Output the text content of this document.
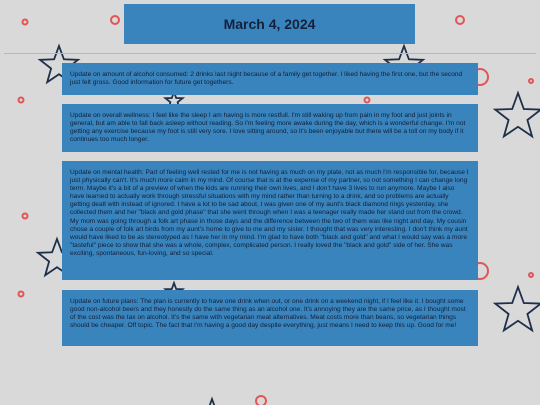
March 4, 2024
Update on amount of alcohol consumed: 2 drinks last night because of a family get together. I liked having the first one, but the second just felt gross. Good information for future get togethers.
Update on overall wellness: I feel like the sleep I am having is more restfull. I'm still waking up from pain in my foot and just joints in general, but am able to fall back asleep without reading. So I'm feeling more awake during the day, which is a wonderful change. I'm not getting any exercise because my foot is still very sore. I love sitting around, so it's been enjoyable but there will be a toll on my body if it continues too much longer.
Update on mental health: Part of feeling well rested for me is not having as much on my plate, not as much I'm responsible for, because I just physically can't. It's much more calm in my mind. Of course that is at the expense of my partner, so not something I can change long term. Maybe it's a bit of a preview of when the kids are running their own lives, and I don't have 3 lives to run anymore. Maybe I also have learned to actually work through stressful situations with my mind rather than turning to a drink, and so problems are actually getting dealt with instead of ignored. I have a lot to be sad about, I was given one of my aunt's black diamond rings yesterday, she collected them and her "black and gold phase" that she went through when I was a teenager really made her stand out from the crowd. My mom was going through a folk art phase in those days and the difference between the two of them was like night and day. My cousin chose a couple of folk art birds from my aunt's home to give to me and my sister. I thought that was very interesting. I don't think my aunt would have liked to be as stereotyped as I have her in my mind. I'm glad to have both "black and gold" and what I would say was a more "tasteful" piece to show that she was a whole, complex, complicated person. I really loved the "black and gold" side of her. She was exciting, spontaneous, fun-loving, and so special.
Update on future plans: The plan is currently to have one drink when out, or one drink on a weekend night, if I feel like it. I bought some good non-alcohol beers and they honestly do the same thing as an alcohol one. It's annoying they are the same price, as I thought most of the cost was the tax on alcohol. It's the same with vegetarian meat alternatives. Meat costs more than beans, so vegetarian things should be cheaper. Off topic. The fact that I'm having a good day despite everything, just means I need to keep this up. Good for me!
